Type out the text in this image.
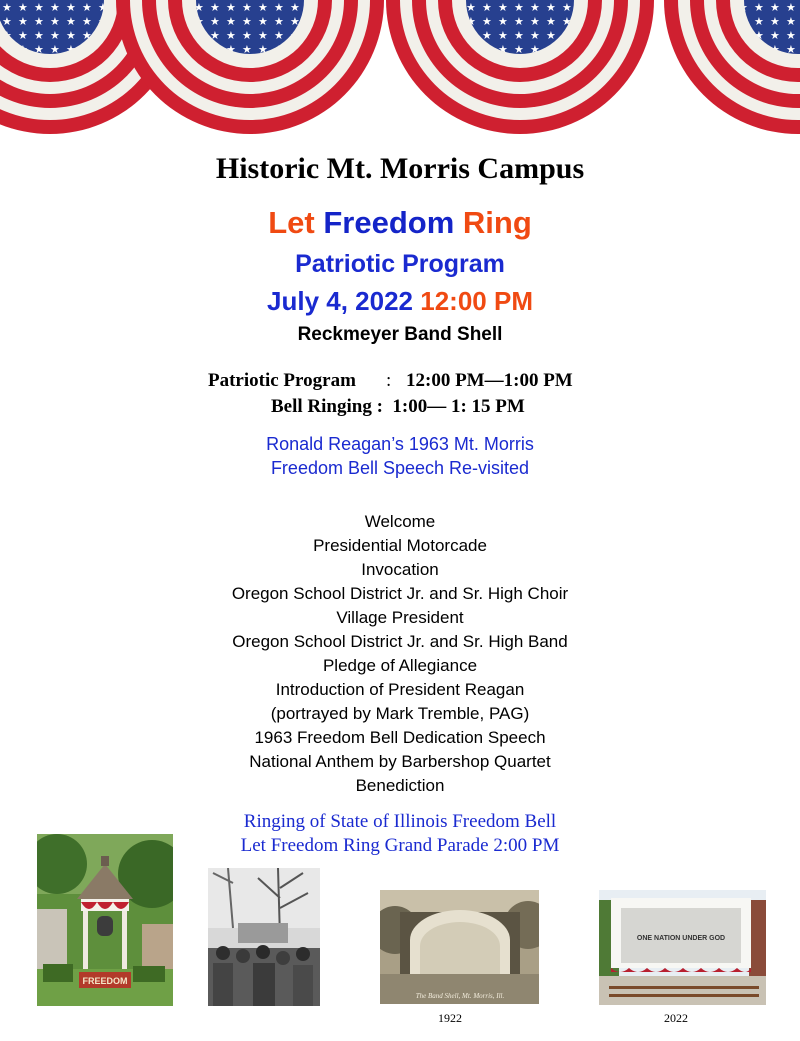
Historic Mt. Morris Campus
Let Freedom Ring
Patriotic Program
July 4, 2022 12:00 PM
Reckmeyer Band Shell
Patriotic Program : 12:00 PM—1:00 PM
Bell Ringing : 1:00— 1: 15 PM
Ronald Reagan’s 1963 Mt. Morris
Freedom Bell Speech Re-visited
Welcome
Presidential Motorcade
Invocation
Oregon School District Jr. and Sr. High Choir
Village President
Oregon School District Jr. and Sr. High Band
Pledge of Allegiance
Introduction of President Reagan
(portrayed by Mark Tremble, PAG)
1963 Freedom Bell Dedication Speech
National Anthem by Barbershop Quartet
Benediction
Ringing of State of Illinois Freedom Bell
Let Freedom Ring Grand Parade 2:00 PM
FREEDOM
The Band Shell, Mt. Morris, Ill.
ONE NATION UNDER GOD
1922	2022
